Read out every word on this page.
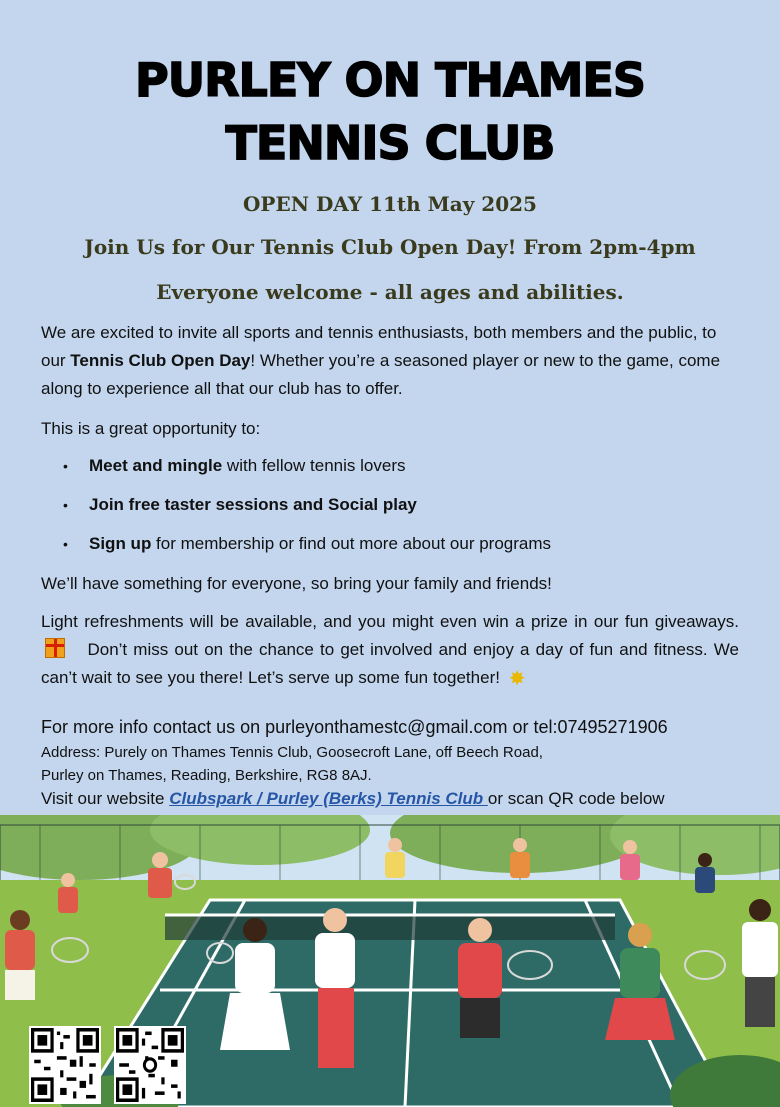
PURLEY ON THAMES
TENNIS CLUB
OPEN DAY 11th May 2025
Join Us for Our Tennis Club Open Day! From 2pm-4pm
Everyone welcome - all ages and abilities.
We are excited to invite all sports and tennis enthusiasts, both members and the public, to our Tennis Club Open Day! Whether you’re a seasoned player or new to the game, come along to experience all that our club has to offer.
This is a great opportunity to:
• Meet and mingle with fellow tennis lovers
• Join free taster sessions and Social play
• Sign up for membership or find out more about our programs
We’ll have something for everyone, so bring your family and friends!
Light refreshments will be available, and you might even win a prize in our fun giveaways.    Don’t miss out on the chance to get involved and enjoy a day of fun and fitness. We can’t wait to see you there! Let’s serve up some fun together! ✸
For more info contact us on purleyonthamestc@gmail.com or tel:07495271906
Address: Purely on Thames Tennis Club, Goosecroft Lane, off Beech Road,
Purley on Thames, Reading, Berkshire, RG8 8AJ.
Visit our website Clubspark / Purley (Berks) Tennis Club or scan QR code below
